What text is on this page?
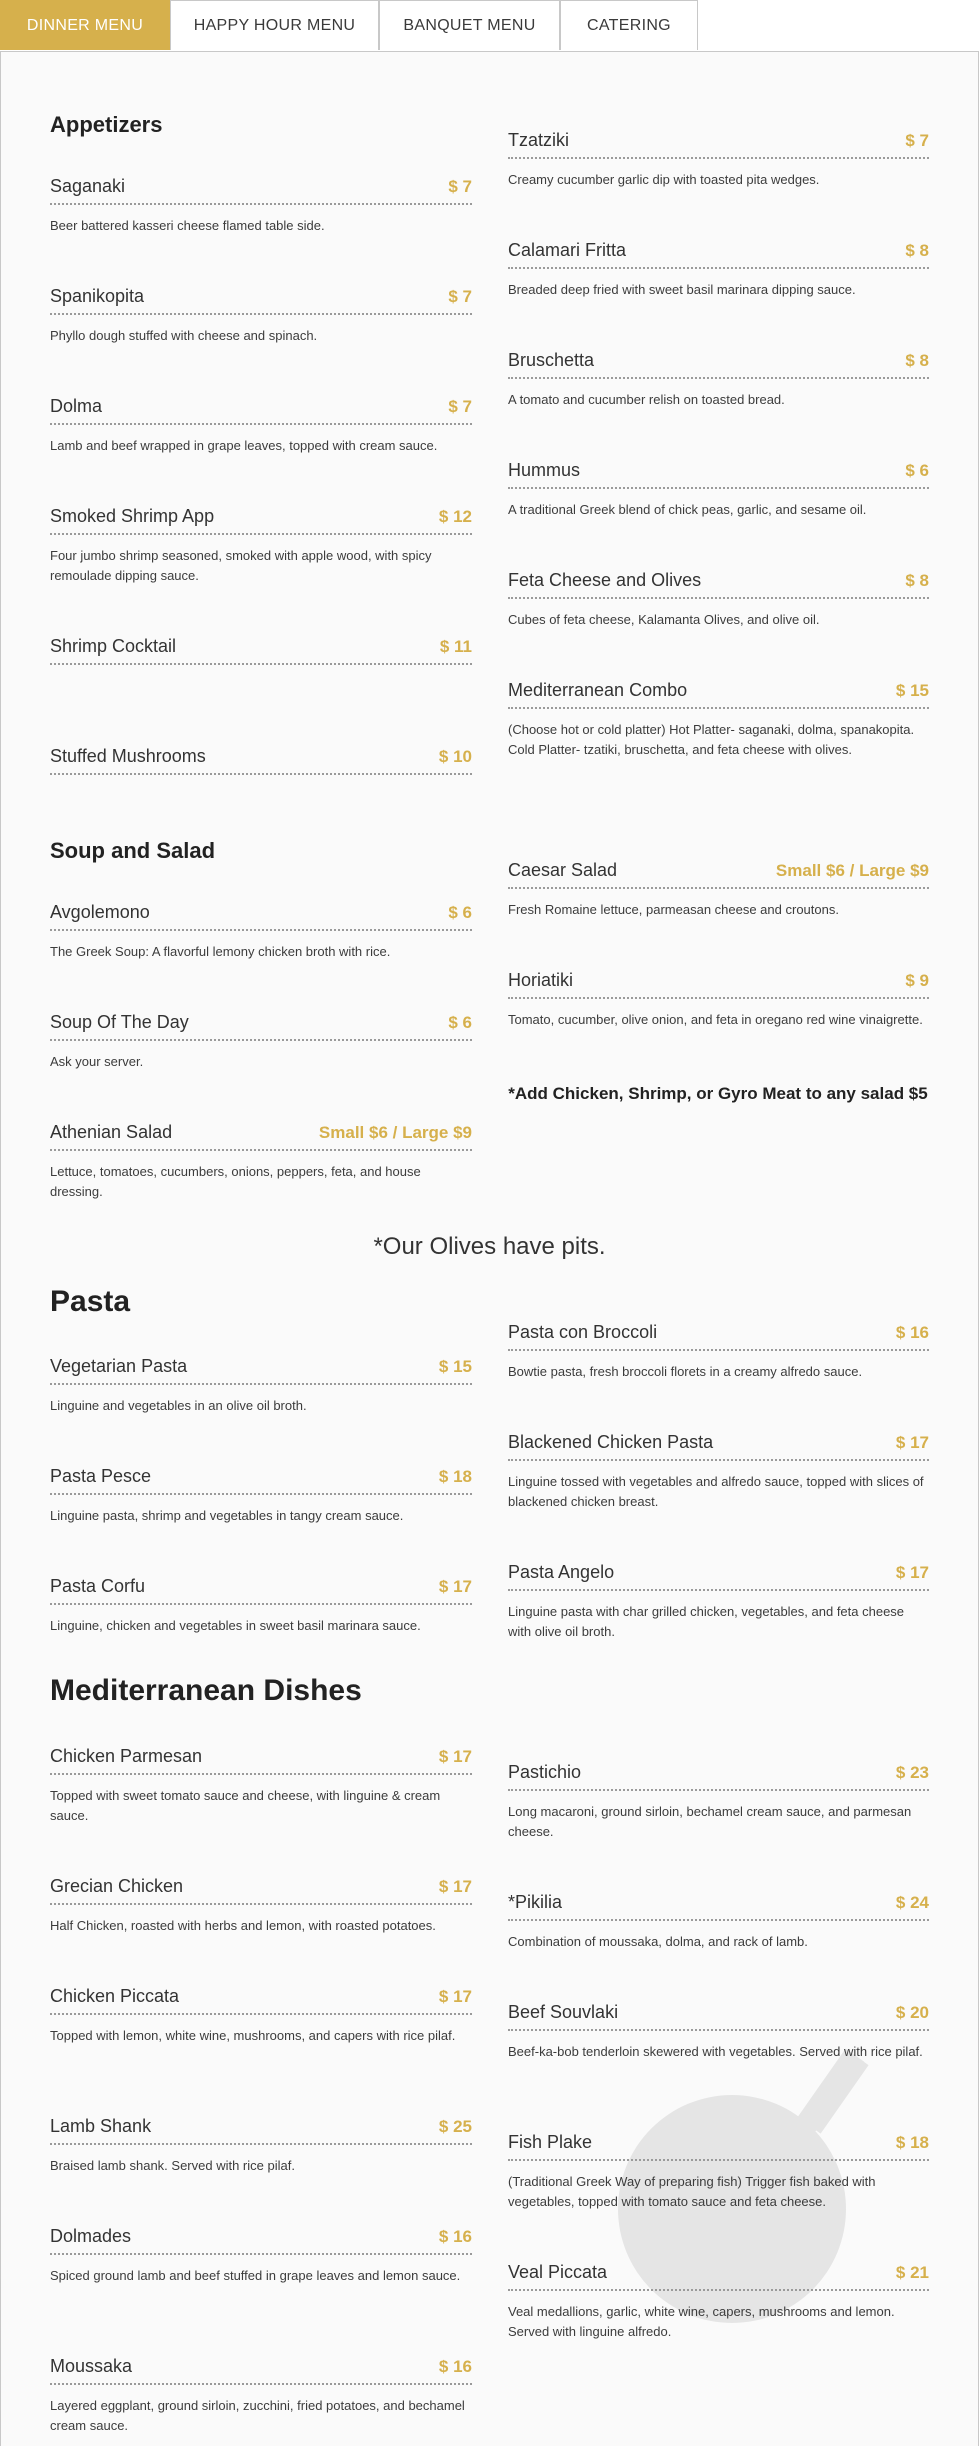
DINNER MENU	HAPPY HOUR MENU	BANQUET MENU	CATERING
Appetizers
Soup and Salad
Pasta
Mediterranean Dishes
*Our Olives have pits.
*Add Chicken, Shrimp, or Gyro Meat to any salad $5
Saganaki	$ 7
Beer battered kasseri cheese flamed table side.
Spanikopita	$ 7
Phyllo dough stuffed with cheese and spinach.
Dolma	$ 7
Lamb and beef wrapped in grape leaves, topped with cream sauce.
Smoked Shrimp App	$ 12
Four jumbo shrimp seasoned, smoked with apple wood, with spicy remoulade dipping sauce.
Shrimp Cocktail	$ 11
Stuffed Mushrooms	$ 10
Tzatziki	$ 7
Creamy cucumber garlic dip with toasted pita wedges.
Calamari Fritta	$ 8
Breaded deep fried with sweet basil marinara dipping sauce.
Bruschetta	$ 8
A tomato and cucumber relish on toasted bread.
Hummus	$ 6
A traditional Greek blend of chick peas, garlic, and sesame oil.
Feta Cheese and Olives	$ 8
Cubes of feta cheese, Kalamanta Olives, and olive oil.
Mediterranean Combo	$ 15
(Choose hot or cold platter) Hot Platter- saganaki, dolma, spanakopita. Cold Platter- tzatiki, bruschetta, and feta cheese with olives.
Avgolemono	$ 6
The Greek Soup: A flavorful lemony chicken broth with rice.
Soup Of The Day	$ 6
Ask your server.
Athenian Salad	Small $6 / Large $9
Lettuce, tomatoes, cucumbers, onions, peppers, feta, and house dressing.
Caesar Salad	Small $6 / Large $9
Fresh Romaine lettuce, parmeasan cheese and croutons.
Horiatiki	$ 9
Tomato, cucumber, olive onion, and feta in oregano red wine vinaigrette.
Vegetarian Pasta	$ 15
Linguine and vegetables in an olive oil broth.
Pasta Pesce	$ 18
Linguine pasta, shrimp and vegetables in tangy cream sauce.
Pasta Corfu	$ 17
Linguine, chicken and vegetables in sweet basil marinara sauce.
Pasta con Broccoli	$ 16
Bowtie pasta, fresh broccoli florets in a creamy alfredo sauce.
Blackened Chicken Pasta	$ 17
Linguine tossed with vegetables and alfredo sauce, topped with slices of blackened chicken breast.
Pasta Angelo	$ 17
Linguine pasta with char grilled chicken, vegetables, and feta cheese with olive oil broth.
Chicken Parmesan	$ 17
Topped with sweet tomato sauce and cheese, with linguine & cream sauce.
Grecian Chicken	$ 17
Half Chicken, roasted with herbs and lemon, with roasted potatoes.
Chicken Piccata	$ 17
Topped with lemon, white wine, mushrooms, and capers with rice pilaf.
Lamb Shank	$ 25
Braised lamb shank. Served with rice pilaf.
Dolmades	$ 16
Spiced ground lamb and beef stuffed in grape leaves and lemon sauce.
Moussaka	$ 16
Layered eggplant, ground sirloin, zucchini, fried potatoes, and bechamel cream sauce.
Pastichio	$ 23
Long macaroni, ground sirloin, bechamel cream sauce, and parmesan cheese.
*Pikilia	$ 24
Combination of moussaka, dolma, and rack of lamb.
Beef Souvlaki	$ 20
Beef-ka-bob tenderloin skewered with vegetables. Served with rice pilaf.
Fish Plake	$ 18
(Traditional Greek Way of preparing fish) Trigger fish baked with vegetables, topped with tomato sauce and feta cheese.
Veal Piccata	$ 21
Veal medallions, garlic, white wine, capers, mushrooms and lemon. Served with linguine alfredo.
